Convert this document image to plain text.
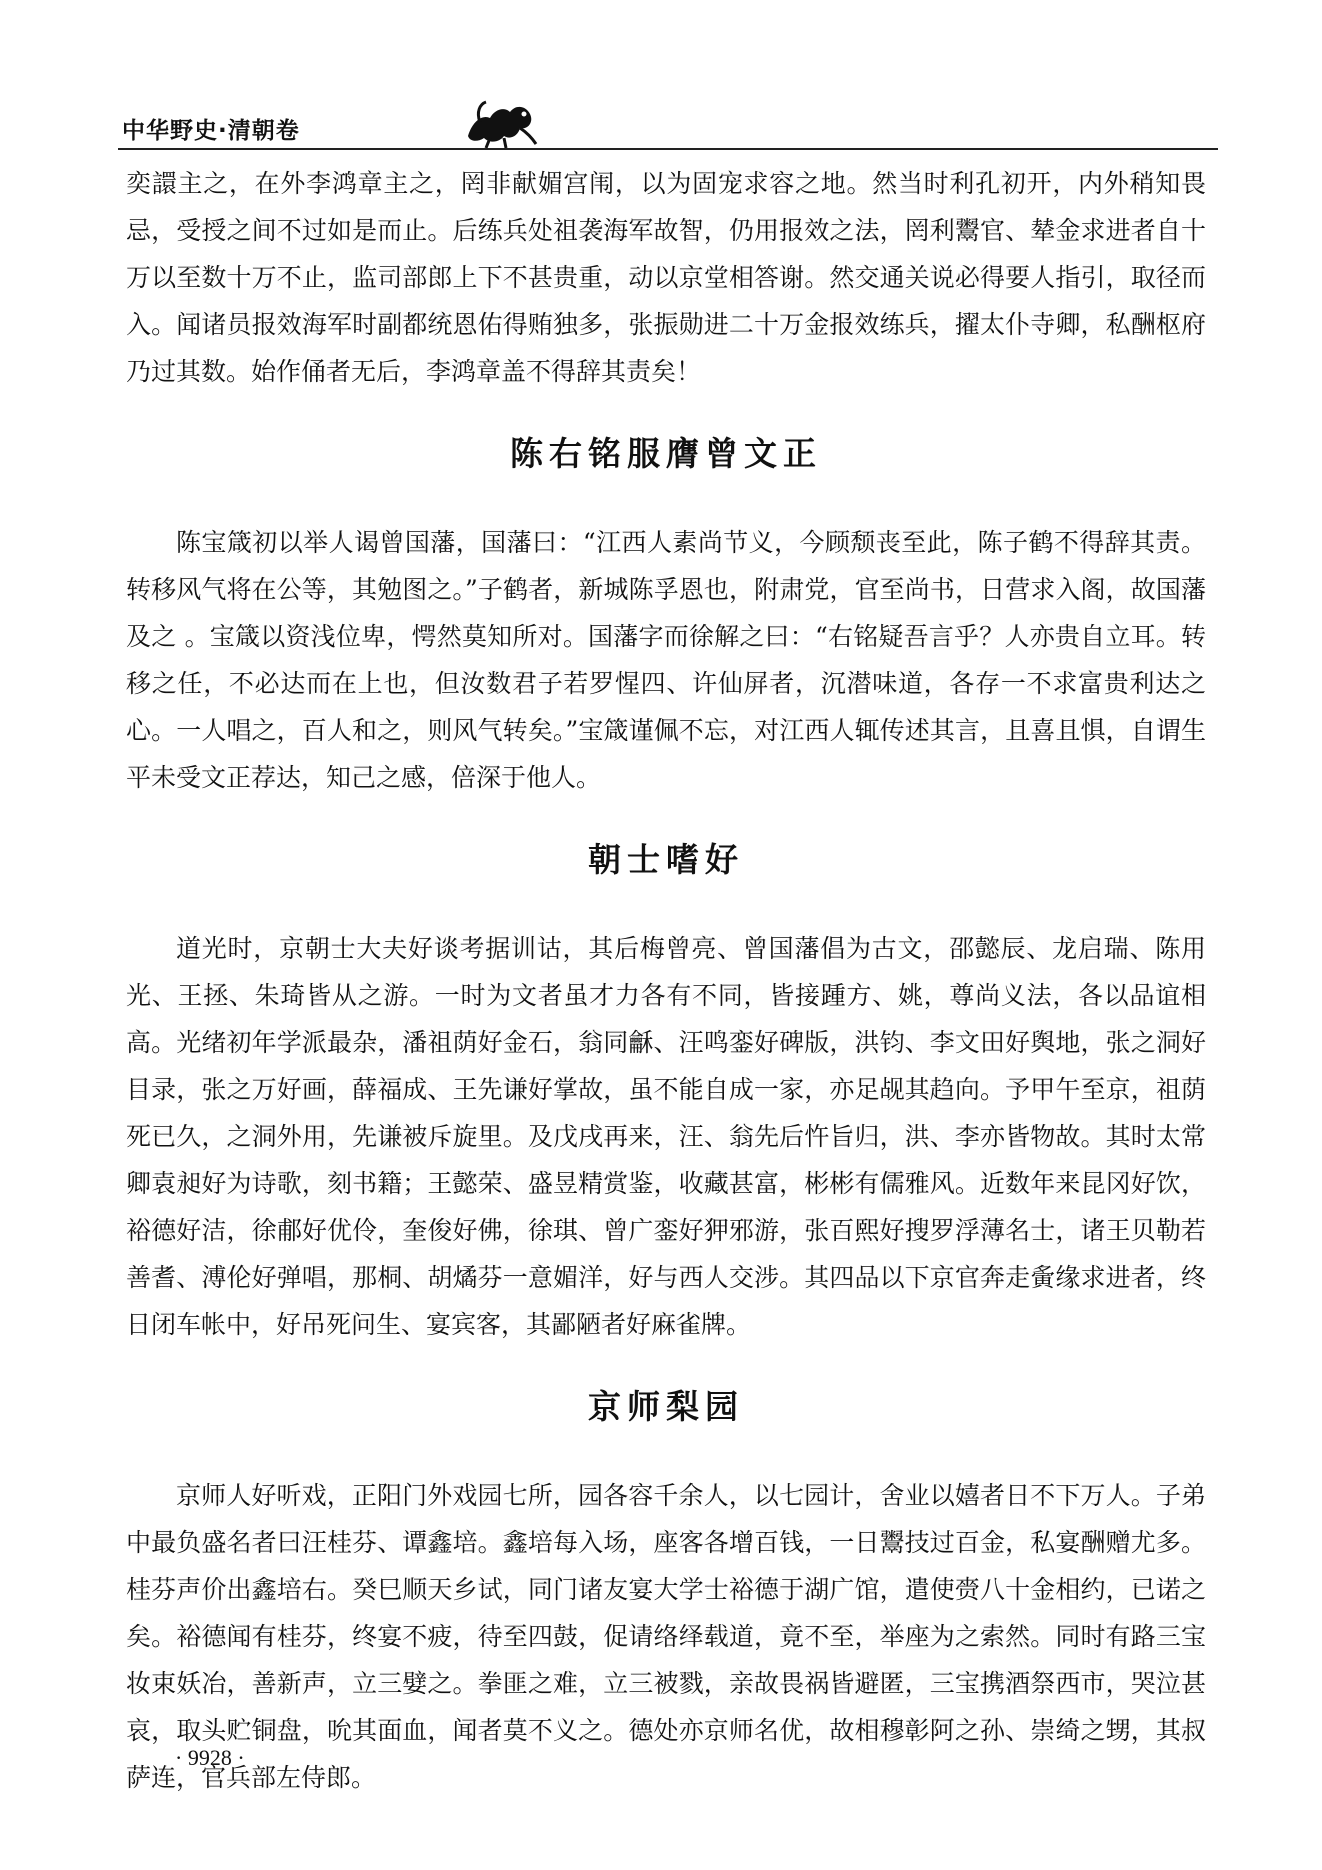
中华野史·清朝卷

奕譞主之，在外李鸿章主之，罔非献媚宫闱，以为固宠求容之地。然当时利孔初开，内外稍知畏忌，受授之间不过如是而止。后练兵处祖袭海军故智，仍用报效之法，罔利鬻官、辇金求进者自十万以至数十万不止，监司部郎上下不甚贵重，动以京堂相答谢。然交通关说必得要人指引，取径而入。闻诸员报效海军时副都统恩佑得贿独多，张振勋进二十万金报效练兵，擢太仆寺卿，私酬枢府乃过其数。始作俑者无后，李鸿章盖不得辞其责矣！

陈右铭服膺曾文正

陈宝箴初以举人谒曾国藩，国藩曰：“江西人素尚节义，今顾颓丧至此，陈子鹤不得辞其责。转移风气将在公等，其勉图之。”子鹤者，新城陈孚恩也，附肃党，官至尚书，日营求入阁，故国藩及之 。宝箴以资浅位卑，愕然莫知所对。国藩字而徐解之曰：“右铭疑吾言乎？人亦贵自立耳。转移之任，不必达而在上也，但汝数君子若罗惺四、许仙屏者，沉潜味道，各存一不求富贵利达之心。一人唱之，百人和之，则风气转矣。”宝箴谨佩不忘，对江西人辄传述其言，且喜且惧，自谓生平未受文正荐达，知己之感，倍深于他人。

朝士嗜好

道光时，京朝士大夫好谈考据训诂，其后梅曾亮、曾国藩倡为古文，邵懿辰、龙启瑞、陈用光、王拯、朱琦皆从之游。一时为文者虽才力各有不同，皆接踵方、姚，尊尚义法，各以品谊相高。光绪初年学派最杂，潘祖荫好金石，翁同龢、汪鸣銮好碑版，洪钧、李文田好舆地，张之洞好目录，张之万好画，薛福成、王先谦好掌故，虽不能自成一家，亦足觇其趋向。予甲午至京，祖荫死已久，之洞外用，先谦被斥旋里。及戊戌再来，汪、翁先后忤旨归，洪、李亦皆物故。其时太常卿袁昶好为诗歌，刻书籍；王懿荣、盛昱精赏鉴，收藏甚富，彬彬有儒雅风。近数年来昆冈好饮，裕德好洁，徐郙好优伶，奎俊好佛，徐琪、曾广銮好狎邪游，张百熙好搜罗浮薄名士，诸王贝勒若善耆、溥伦好弹唱，那桐、胡燏芬一意媚洋，好与西人交涉。其四品以下京官奔走夤缘求进者，终日闭车帐中，好吊死问生、宴宾客，其鄙陋者好麻雀牌。

京师梨园

京师人好听戏，正阳门外戏园七所，园各容千余人，以七园计，舍业以嬉者日不下万人。子弟中最负盛名者曰汪桂芬、谭鑫培。鑫培每入场，座客各增百钱，一日鬻技过百金，私宴酬赠尤多。桂芬声价出鑫培右。癸巳顺天乡试，同门诸友宴大学士裕德于湖广馆，遣使赍八十金相约，已诺之矣。裕德闻有桂芬，终宴不疲，待至四鼓，促请络绎载道，竟不至，举座为之索然。同时有路三宝妆束妖冶，善新声，立三嬖之。拳匪之难，立三被戮，亲故畏祸皆避匿，三宝携酒祭西市，哭泣甚哀，取头贮铜盘，吮其面血，闻者莫不义之。德处亦京师名优，故相穆彰阿之孙、崇绮之甥，其叔萨连，官兵部左侍郎。

· 9928 ·
